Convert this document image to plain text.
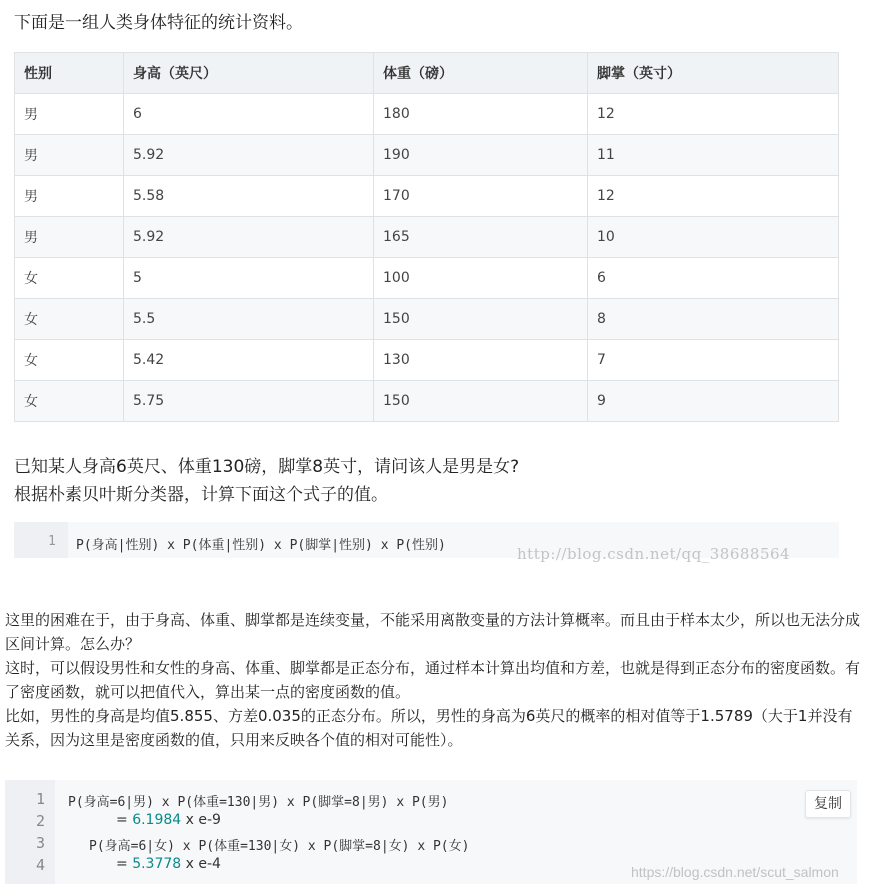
下面是一组人类身体特征的统计资料。
性别	身高（英尺）	体重（磅）	脚掌（英寸）
男	6	180	12
男	5.92	190	11
男	5.58	170	12
男	5.92	165	10
女	5	100	6
女	5.5	150	8
女	5.42	130	7
女	5.75	150	9
已知某人身高6英尺、体重130磅，脚掌8英寸，请问该人是男是女?
根据朴素贝叶斯分类器，计算下面这个式子的值。
1 P(身高|性别) x P(体重|性别) x P(脚掌|性别) x P(性别)	http://blog.csdn.net/qq_38688564

这里的困难在于，由于身高、体重、脚掌都是连续变量，不能采用离散变量的方法计算概率。而且由于样本太少，所以也无法分成区间计算。怎么办？

这时，可以假设男性和女性的身高、体重、脚掌都是正态分布，通过样本计算出均值和方差，也就是得到正态分布的密度函数。有了密度函数，就可以把值代入，算出某一点的密度函数的值。

比如，男性的身高是均值5.855、方差0.035的正态分布。所以，男性的身高为6英尺的概率的相对值等于1.5789（大于1并没有关系，因为这里是密度函数的值，只用来反映各个值的相对可能性）。

1
2
3
4
P(身高=6|男) x P(体重=130|男) x P(脚掌=8|男) x P(男)
= 6.1984 x e-9
P(身高=6|女) x P(体重=130|女) x P(脚掌=8|女) x P(女)
= 5.3778 x e-4
复制
https://blog.csdn.net/scut_salmon
